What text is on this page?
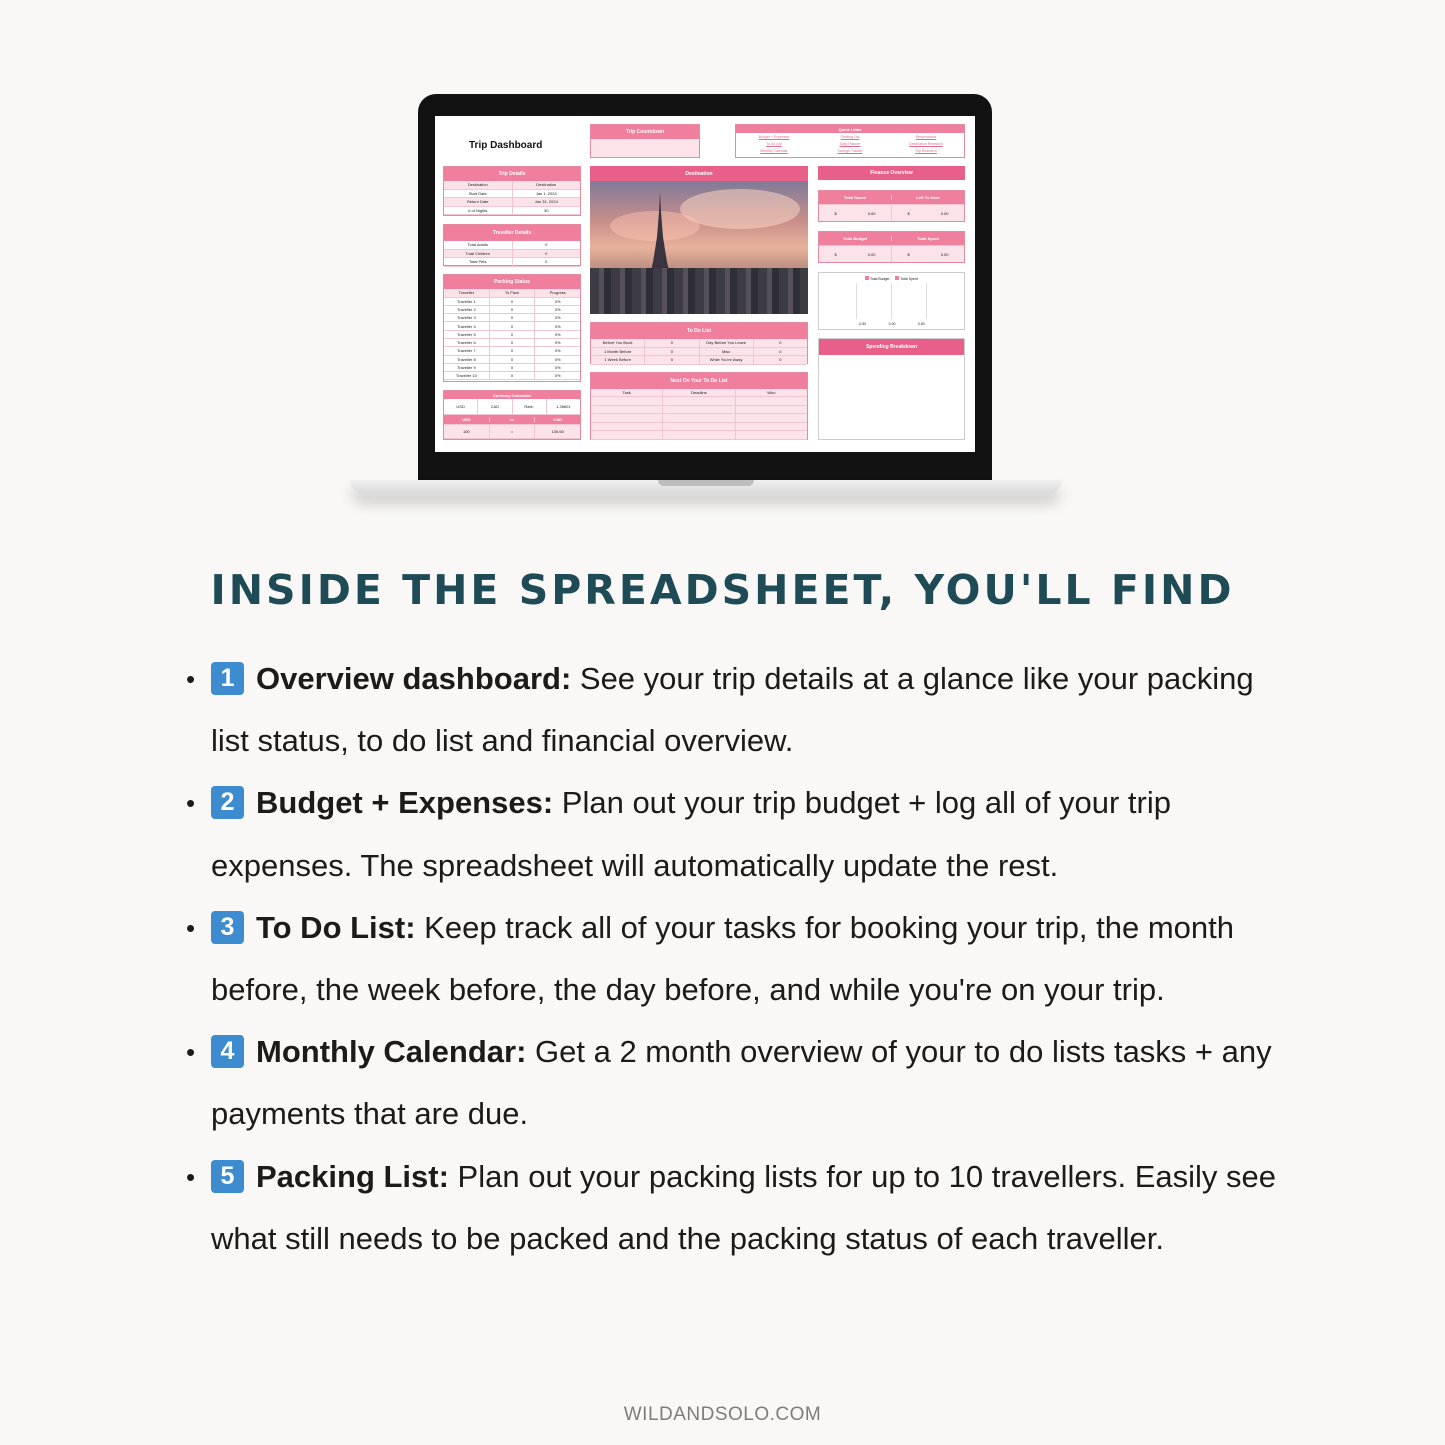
Trip Dashboard
Trip Countdown	Quick Links
Budget + Expenses	Packing List	Reservations
To Do List	Daily Planner	Destination Research
Monthly Calendar	Savings Tracker	Trip Research
Trip Details
Destination	Destination
Start Date	Jan 1, 2024
Return Date	Jan 31, 2024
# of Nights	30
Traveller Details
Total Adults	0
Total Children	0
Total Pets	0
Packing Status
Traveller	To Pack	Progress
Traveller 1	0	0%
Traveller 2	0	0%
Traveller 3	0	0%
Traveller 4	0	0%
Traveller 5	0	0%
Traveller 6	0	0%
Traveller 7	0	0%
Traveller 8	0	0%
Traveller 9	0	0%
Traveller 10	0	0%
Currency Calculator
USD	CAD	Rate:	1.35601
USD	to	CAD
100	=	135.60
Destination
To Do List
Before You Book	0	Day Before You Leave	0
1 Month Before	0	Misc	0
1 Week Before	0	While You're Away	0
Next On Your To Do List
Task	Deadline	Who
Finance Overview
Total Saved	Left To Save
$	0.00	$	0.00
Total Budget	Total Spent
$	0.00	$	0.00
Total Budget	Total Spent
-0.50	0.00	0.50
Spending Breakdown
INSIDE THE SPREADSHEET, YOU'LL FIND
• 1 Overview dashboard: See your trip details at a glance like your packing list status, to do list and financial overview.
• 2 Budget + Expenses: Plan out your trip budget + log all of your trip expenses. The spreadsheet will automatically update the rest.
• 3 To Do List: Keep track all of your tasks for booking your trip, the month before, the week before, the day before, and while you're on your trip.
• 4 Monthly Calendar: Get a 2 month overview of your to do lists tasks + any payments that are due.
• 5 Packing List: Plan out your packing lists for up to 10 travellers. Easily see what still needs to be packed and the packing status of each traveller.
WILDANDSOLO.COM
